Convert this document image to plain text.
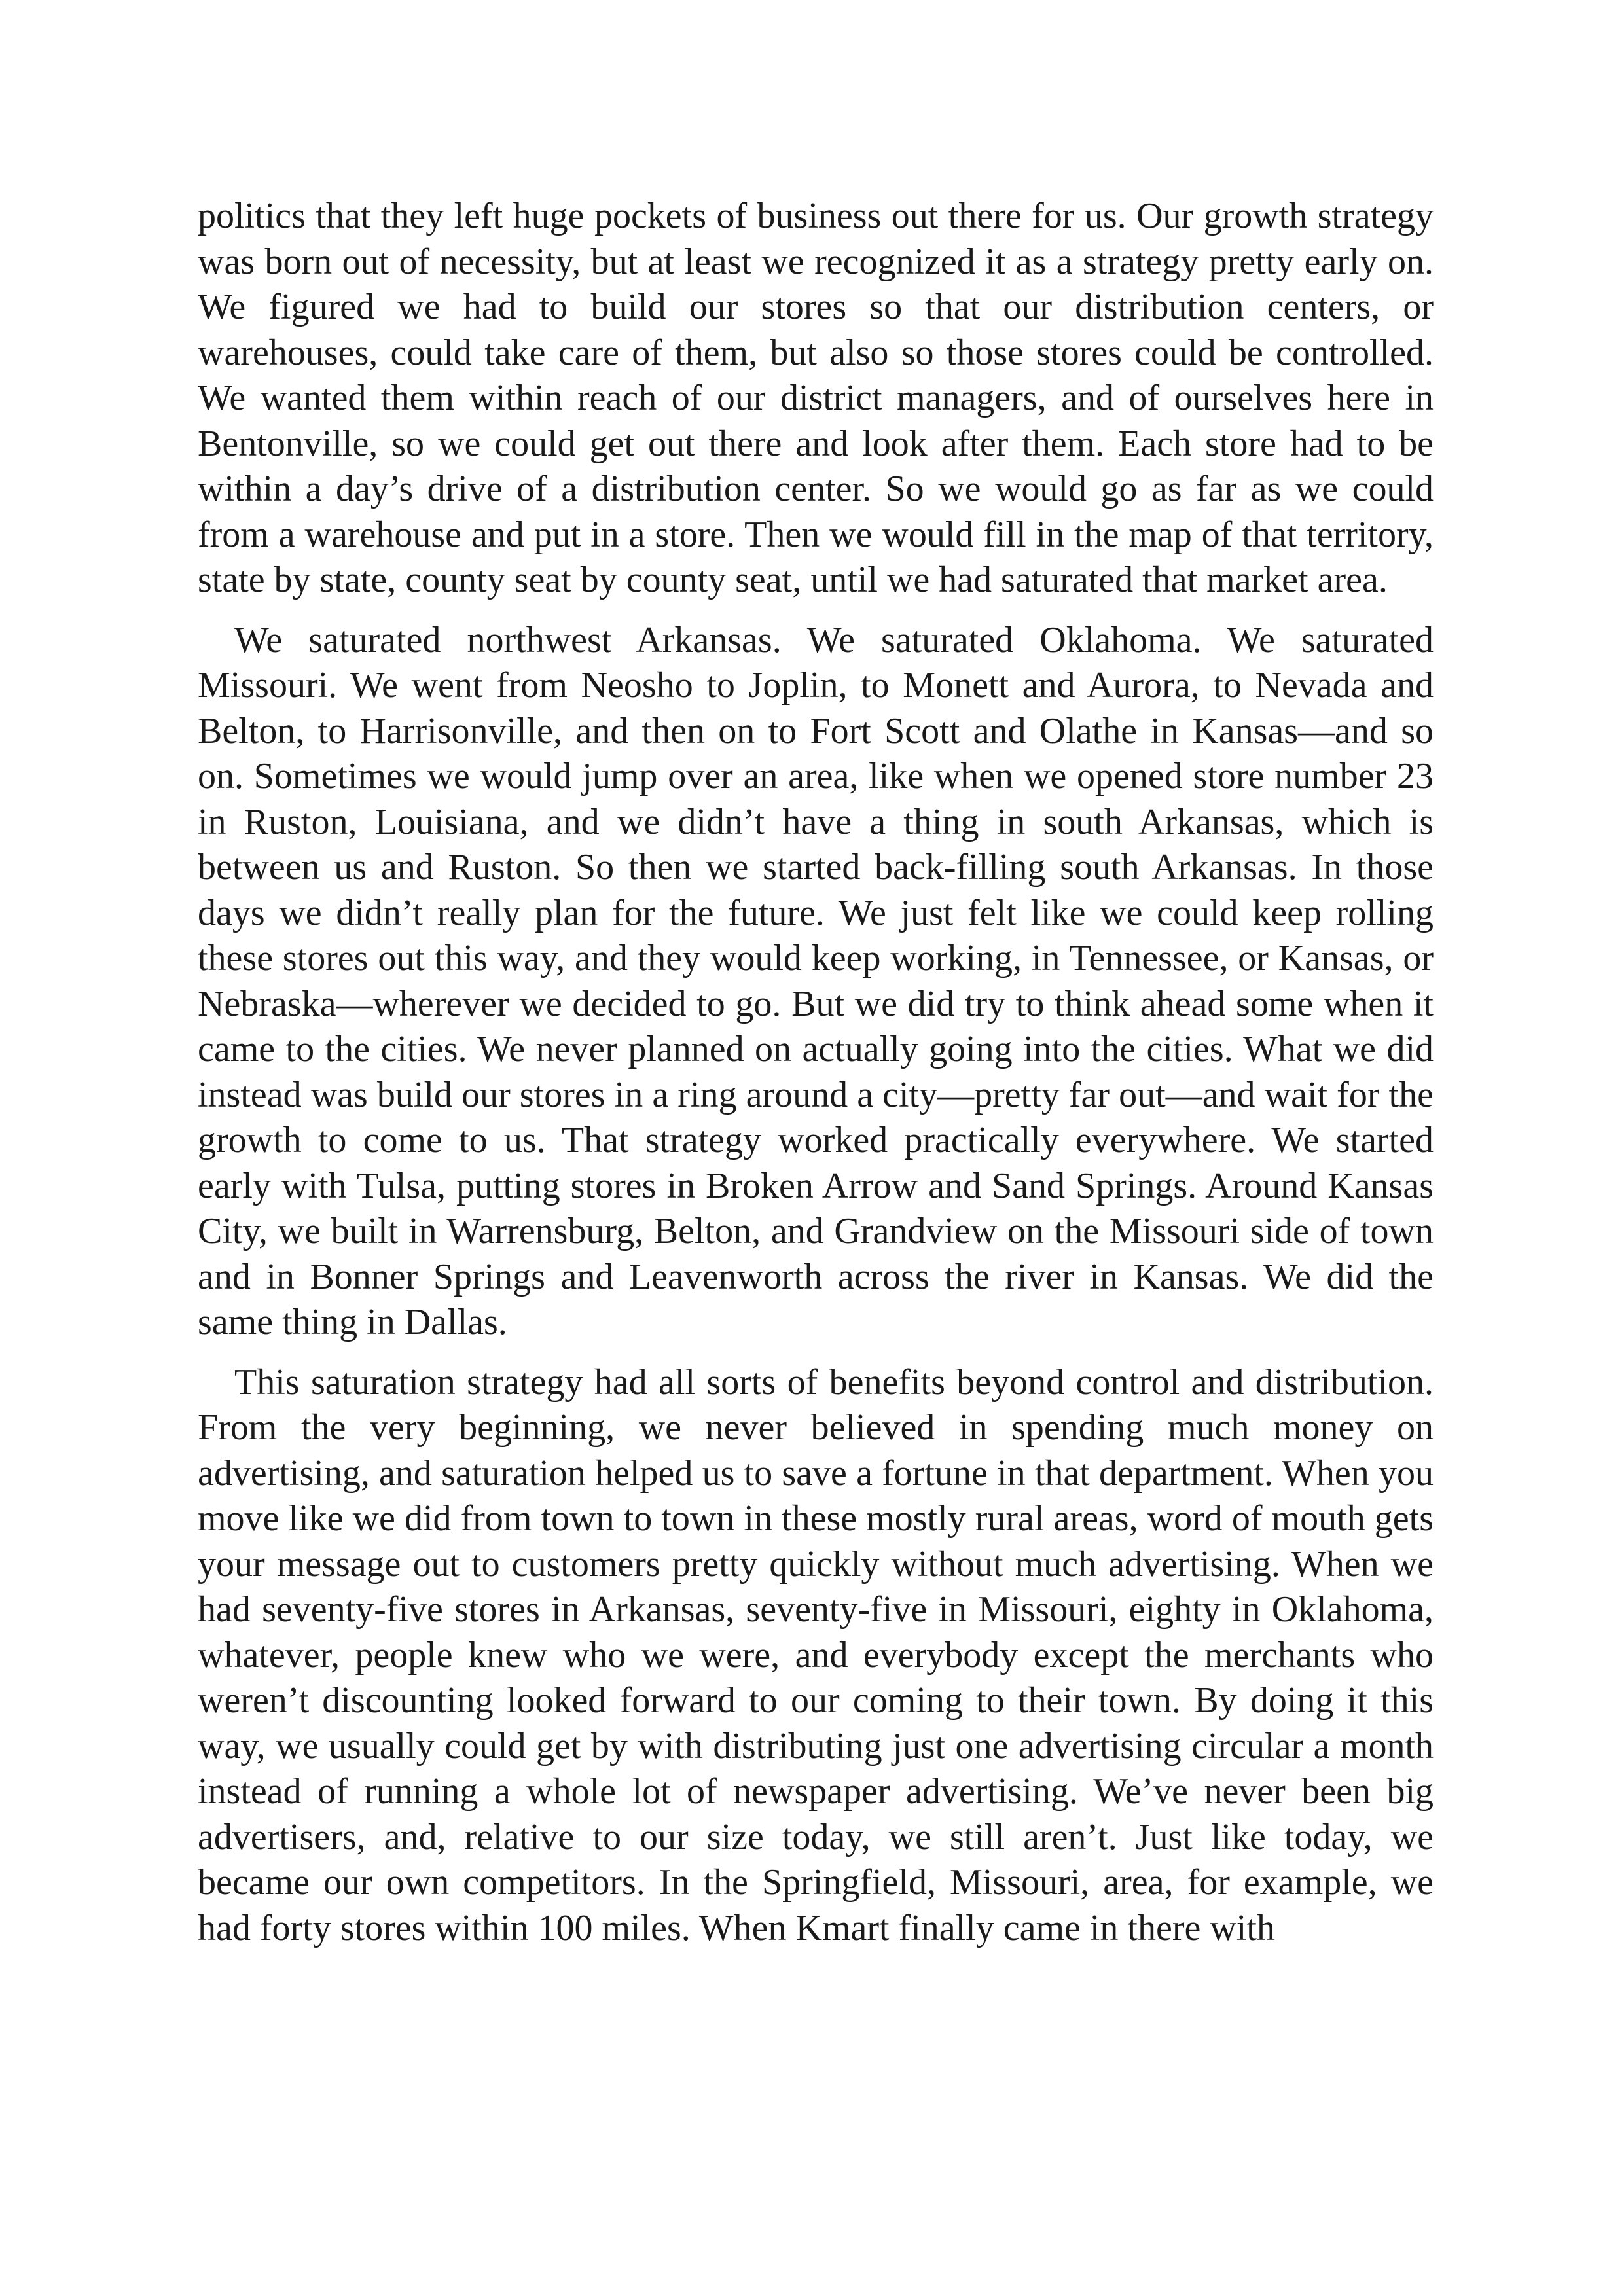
politics that they left huge pockets of business out there for us. Our growth strategy was born out of necessity, but at least we recognized it as a strategy pretty early on. We figured we had to build our stores so that our distribution centers, or warehouses, could take care of them, but also so those stores could be controlled. We wanted them within reach of our district managers, and of ourselves here in Bentonville, so we could get out there and look after them. Each store had to be within a day’s drive of a distribution center. So we would go as far as we could from a warehouse and put in a store. Then we would fill in the map of that territory, state by state, county seat by county seat, until we had saturated that market area.

We saturated northwest Arkansas. We saturated Oklahoma. We saturated Missouri. We went from Neosho to Joplin, to Monett and Aurora, to Nevada and Belton, to Harrisonville, and then on to Fort Scott and Olathe in Kansas—and so on. Sometimes we would jump over an area, like when we opened store number 23 in Ruston, Louisiana, and we didn’t have a thing in south Arkansas, which is between us and Ruston. So then we started back-filling south Arkansas. In those days we didn’t really plan for the future. We just felt like we could keep rolling these stores out this way, and they would keep working, in Tennessee, or Kansas, or Nebraska—wherever we decided to go. But we did try to think ahead some when it came to the cities. We never planned on actually going into the cities. What we did instead was build our stores in a ring around a city—pretty far out—and wait for the growth to come to us. That strategy worked practically everywhere. We started early with Tulsa, putting stores in Broken Arrow and Sand Springs. Around Kansas City, we built in Warrensburg, Belton, and Grandview on the Missouri side of town and in Bonner Springs and Leavenworth across the river in Kansas. We did the same thing in Dallas.

This saturation strategy had all sorts of benefits beyond control and distribution. From the very beginning, we never believed in spending much money on advertising, and saturation helped us to save a fortune in that department. When you move like we did from town to town in these mostly rural areas, word of mouth gets your message out to customers pretty quickly without much advertising. When we had seventy-five stores in Arkansas, seventy-five in Missouri, eighty in Oklahoma, whatever, people knew who we were, and everybody except the merchants who weren’t discounting looked forward to our coming to their town. By doing it this way, we usually could get by with distributing just one advertising circular a month instead of running a whole lot of newspaper advertising. We’ve never been big advertisers, and, relative to our size today, we still aren’t. Just like today, we became our own competitors. In the Springfield, Missouri, area, for example, we had forty stores within 100 miles. When Kmart finally came in there with
